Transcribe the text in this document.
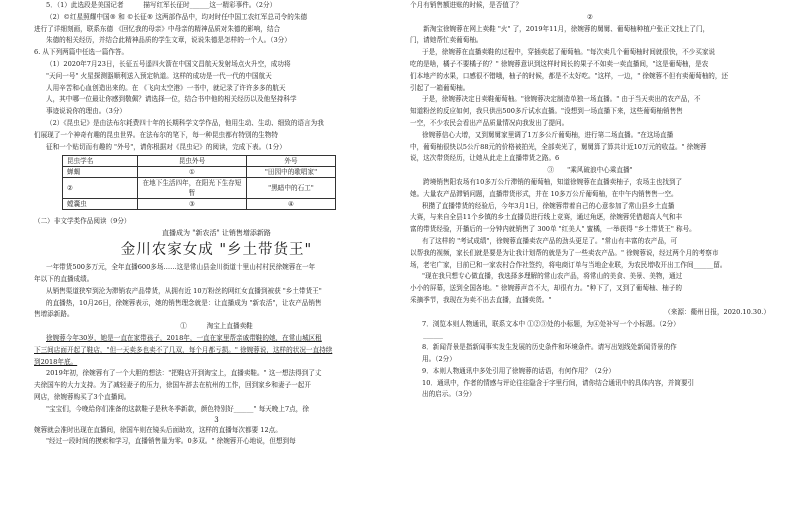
5．（1）此选段是美国记者　　　描写红军长征时______这一精彩事件。（2分）
（2）©红星照耀中国® 和 ©长征® 这两部作品中，均对时任中国工农红军总司令的朱德
进行了详细刻画，联系东德 《回忆我的母亲》中母亲的精神品质对朱德的影响，结合
朱德的相关经历，并结合此精神品质的学生文章，说说朱德是怎样的一个人。（3分）
6. 从下列两篇中任选一篇作答。
（1）2020年7月23日，长征五号遥四火箭在中国文昌航天发射场点火升空，成功将
"天问一号" 火星探测器顺利送入预定轨道。这样的成功是一代一代的中国航天
人用辛苦和心血创造出来的。在 《飞向太空港》一书中，就记录了许许多多的航天
人，其中哪一位最让你感到敬佩？请选择一位，结合书中他的相关经历以及他坚持科学
事迹说说你的理由。（3分）
（2）《昆虫记》是由法布尔耗费四十年的长期科学文学作品，他用生动、生动、细致的语言为我
们展现了一个神奇有趣的昆虫世界。在法布尔的笔下，每一种昆虫都有特别的生物特
征和一个贴切而有趣的 "外号"，请你根据对《昆虫记》的阅读，完成下表。（1分）
昆虫学名	昆虫外号	外号
蝉蝎	①	"田园中的歌唱家"
②	在地下生活四年，在阳光下生存短暂	"黑暗中的石工"
螳囊虫	③	④
（二）非文学类作品阅读（9分）
直播成为 "新农活" 让销售增添新路
金川农家女成 "乡土带货王"
一年带货500多万元，全年直播600多场……这是常山县金川街道十里山村村民徐婉蓉在一年
年以下的直播成绩。
从销售渠道狭窄到沦为滞销农产品带货，从拥有近 10万粉丝的网红女直播到被获 "乡土带货王"
的直播热，10月26日，徐婉蓉表示，她的销售理念就是：让直播成为 "新农活"，让农产品销售
售增添新路。
①　　　淘宝上直播卖鞋
徐婉蓉今年30岁，她是一直在家带孩子，2018年，一直在家里帮亲戚带鞋的她，在常山城区租
下三间店面开起了鞋店，"但一天卖多也卖不了几双，每个月都亏损。" 徐婉蓉说，这样的状况一直持续
到2018年底。
2019年初，徐婉蓉有了一个大胆的想法："把鞋店开到淘宝上，直播卖鞋。" 这一想法得到了丈
夫徐国车的大力支持。为了减轻妻子的压力，徐国车辞去在杭州的工作，回到家乡和妻子一起开
网店，徐婉蓉购买了3个直播间。
"宝宝们，今晚给你们准备的这款鞋子是秋冬季新款，颜色特别好______" 每天晚上7点，徐
3
婉蓉就会准时出现在直播间，徐国车则在镜头后面助攻，这样的直播每次都要 12点。
"经过一段时间的摸索和学习，直播销售量为零。0多双。" 徐婉蓉开心地说，但想到每
个月有销售额进账的时候，是否值了？
②
　　新淘宝徐婉蓉在网上卖鞋 "火" 了，2019年11月，徐婉蓉的舅舅、葡萄柚种植户张正文找上了门，
门，请她帮忙卖葡萄柚。
于是，徐婉蓉在直播卖鞋的过程中，穿插卖起了葡萄柚。"每次卖几个葡萄柚时间就很快，不少买家说
吃的是啥，橘子不要橘子的？" 徐婉蓉意识到这样时间长的果子不如卖一卖直播间，"这是葡萄柚，是农
们本地产的水果，口感很不错哦，柚子的时候，都是不太好吃。"这样，一边，" 徐婉蓉不但有卖葡萄柚的，还
引起了一箱葡萄柚。
于是，徐婉蓉决定日卖鞋葡萄柚。"徐婉蓉决定制造单独一场直播。" 由于当天卖出的农产品，不
知道粉丝的反应如何，我只供出500多斤试水直播。"没想到一场直播下来，这些葡萄柚销售售
一空，不少农民会看出产品质量情况向我发出了提问。
徐婉蓉信心大增，又到舅舅家里调了1万多公斤葡萄柚，进行第二场直播。"在这场直播
中，葡萄柚很快以5公斤88元的价格被拍光，全部卖光了，舅舅算了算共计近10万元的收益。" 徐婉蓉
说，这次带货经历，让她从此走上直播带货之路。6
③　　"乘风破浪中心乘直播"
　　跨境销售阳农场有10多万公斤滞销的葡萄柚，知道徐婉蓉在直播卖柚子，农场主也找到了
她。大量农产品滞销问题，直播带货形式，并在 10多万公斤葡萄柚，在中午内销售售一空。
积攒了直播带货的经验后，今年3月1日，徐婉蓉带着自己的心意参加了常山县乡土直播
大赛，与来自全县11个乡镇的乡土直播员进行线上竞赛，通过角逐，徐婉蓉凭借超高人气和丰
富的带货经验，开播后的一分钟内就销售了 300单 "红美人" 蜜橘，一举获得 "乡土带货王" 称号。
有了这样的 "考试成绩"，徐婉蓉直播卖农产品的劲头更足了。"常山有丰富的农产品，可
以帮我的视频，家长们就是要是为让我计划帮的就是为了一些卖农产品。" 徐婉蓉说，经过两个月的考察市
场，老宅广家，目前已和一家农村合作社签约，将电商订单与当地企业联，为农民增收开出工作间______留。
"现在我只想专心做直播，我选择多理解的常山农产品，将常山的美食、美景、美物，通过
小小的屏幕，送到全国各地。" 徐婉蓉声音不大，却很有力。"种下了，又到了葡萄柚、柚子的
采摘季节，我现在为卖不出去直播，直播卖货。"
（来源：衢州日报，2020.10.30.）
7．浏览本则人物通讯，联系文本中 ①②③处的小标题，为④处补写一个小标题。（2分）
　　______
8．新闻背景是指新闻事实发生发展的历史条件和环境条件。请写出划线处新闻背景的作
用。（2分）
9．本则人物通讯中多处引用了徐婉蓉的话语，有何作用？（2分）
10．通讯中，作者的情感与评论往往隐含于字里行间，请你结合通讯中的具体内容，并简要引
出的启示。（3分）
